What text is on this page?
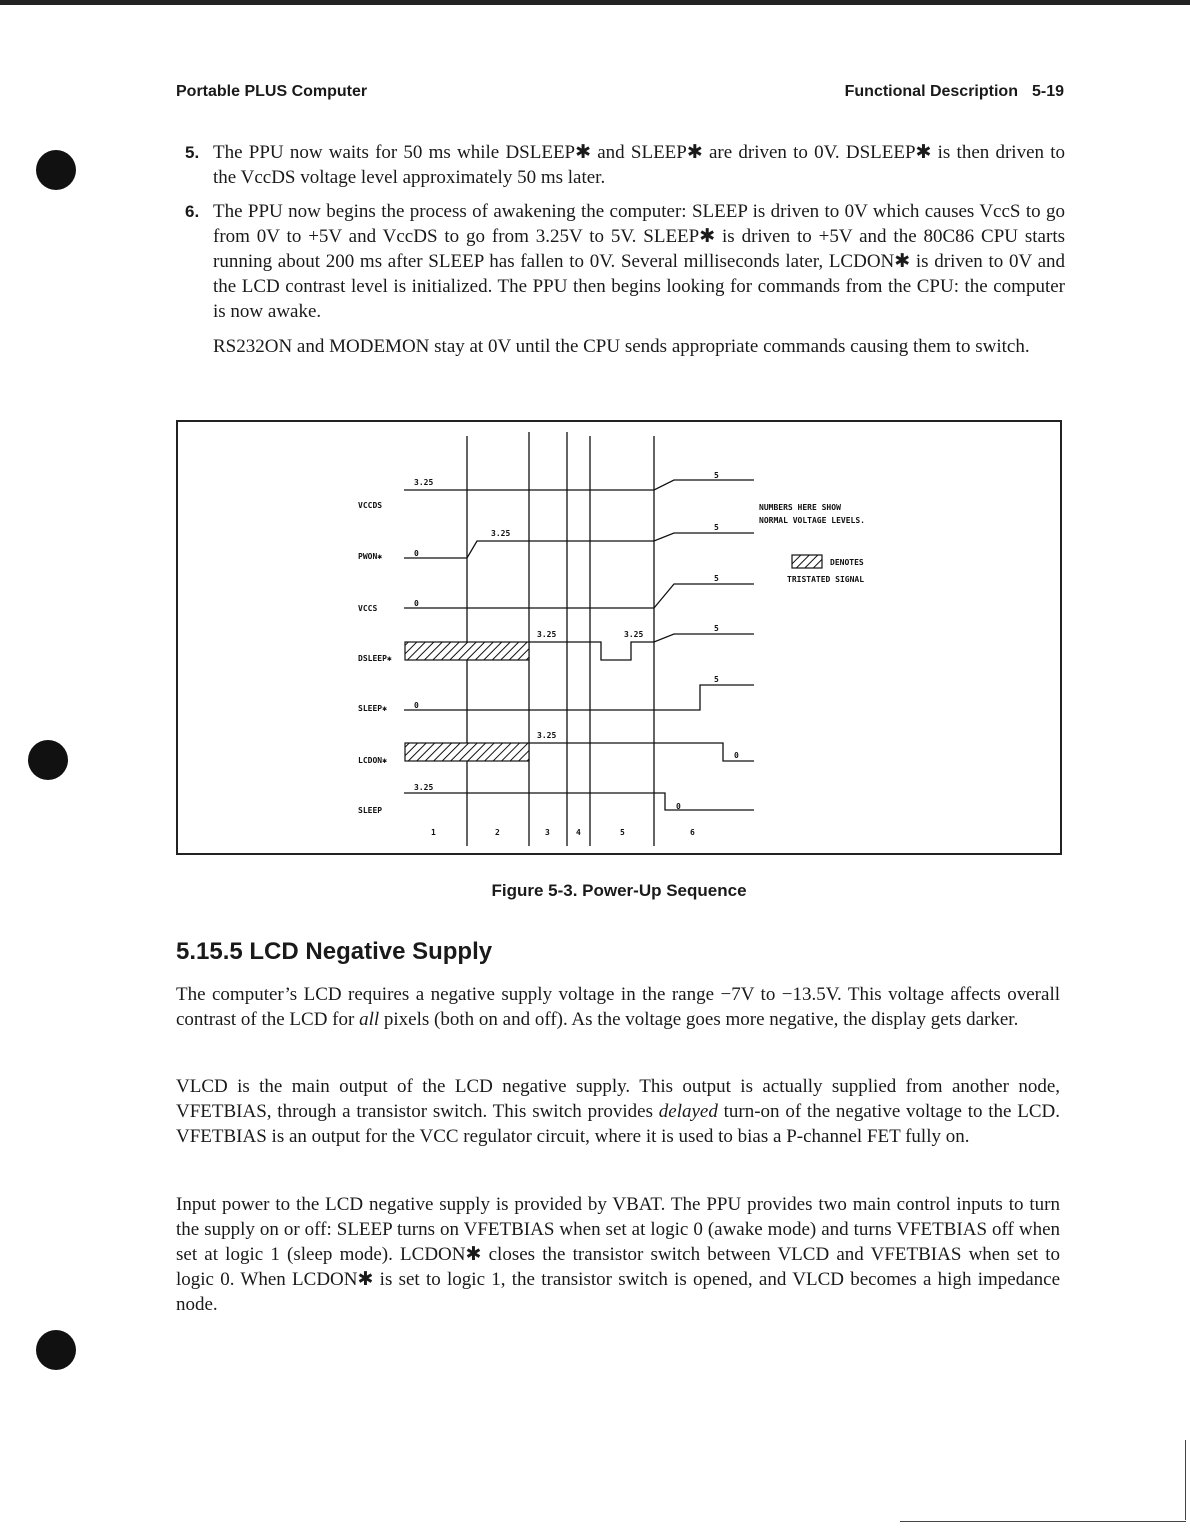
Portable PLUS Computer	Functional Description 5-19
5. The PPU now waits for 50 ms while DSLEEP✱ and SLEEP✱ are driven to 0V. DSLEEP✱ is then driven to the VccDS voltage level approximately 50 ms later.
6. The PPU now begins the process of awakening the computer: SLEEP is driven to 0V which causes VccS to go from 0V to +5V and VccDS to go from 3.25V to 5V. SLEEP✱ is driven to +5V and the 80C86 CPU starts running about 200 ms after SLEEP has fallen to 0V. Several milliseconds later, LCDON✱ is driven to 0V and the LCD contrast level is initialized. The PPU then begins looking for commands from the CPU: the computer is now awake.
RS232ON and MODEMON stay at 0V until the CPU sends appropriate commands causing them to switch.
VCCDS
PWON✱
VCCS
DSLEEP✱
SLEEP✱
LCDON✱
SLEEP
3.25
5
0
3.25
5
0
5
3.25	3.25
5
0
5
3.25
0
3.25
0
1	2	3	4	5	6
NUMBERS HERE SHOW
NORMAL VOLTAGE LEVELS.
DENOTES
TRISTATED SIGNAL
Figure 5-3. Power-Up Sequence
5.15.5 LCD Negative Supply
The computer’s LCD requires a negative supply voltage in the range −7V to −13.5V. This voltage affects overall contrast of the LCD for all pixels (both on and off). As the voltage goes more negative, the display gets darker.
VLCD is the main output of the LCD negative supply. This output is actually supplied from another node, VFETBIAS, through a transistor switch. This switch provides delayed turn-on of the negative voltage to the LCD. VFETBIAS is an output for the VCC regulator circuit, where it is used to bias a P-channel FET fully on.
Input power to the LCD negative supply is provided by VBAT. The PPU provides two main control inputs to turn the supply on or off: SLEEP turns on VFETBIAS when set at logic 0 (awake mode) and turns VFETBIAS off when set at logic 1 (sleep mode). LCDON✱ closes the transistor switch between VLCD and VFETBIAS when set to logic 0. When LCDON✱ is set to logic 1, the transistor switch is opened, and VLCD becomes a high impedance node.
